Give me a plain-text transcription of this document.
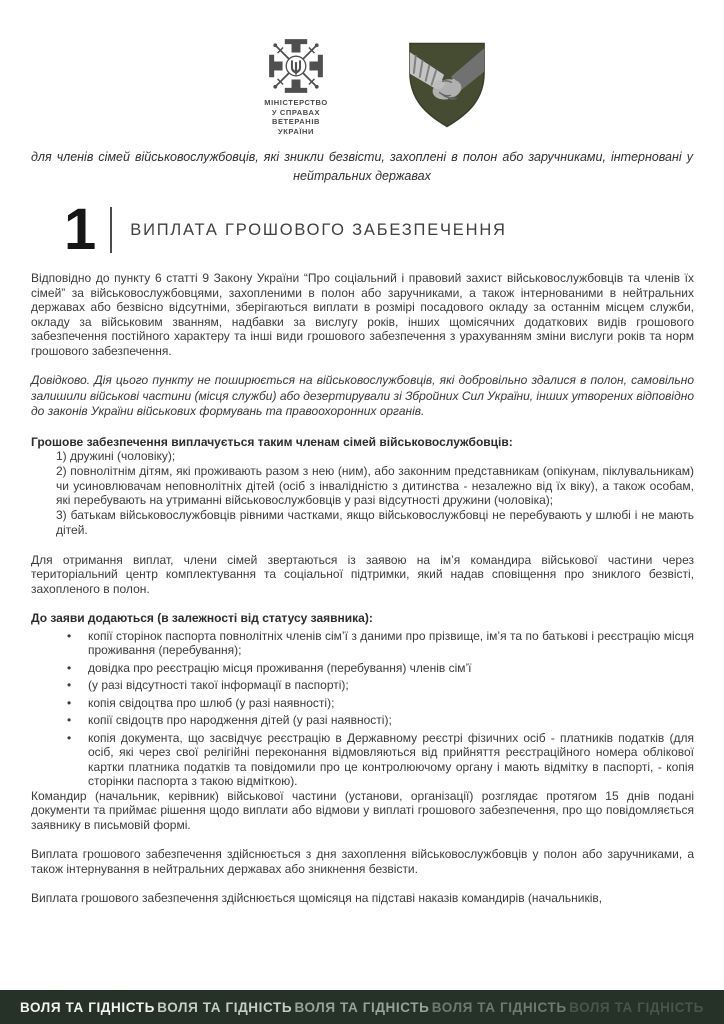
МІНІСТЕРСТВО
У СПРАВАХ
ВЕТЕРАНІВ
УКРАЇНИ

для членів сімей військовослужбовців, які зникли безвісти, захоплені в полон або заручниками, інтерновані у нейтральних державах

1 ВИПЛАТА ГРОШОВОГО ЗАБЕЗПЕЧЕННЯ

Відповідно до пункту 6 статті 9 Закону України “Про соціальний і правовий захист військовослужбовців та членів їх сімей” за військовослужбовцями, захопленими в полон або заручниками, а також інтернованими в нейтральних державах або безвісно відсутніми, зберігаються виплати в розмірі посадового окладу за останнім місцем служби, окладу за військовим званням, надбавки за вислугу років, інших щомісячних додаткових видів грошового забезпечення постійного характеру та інші види грошового забезпечення з урахуванням зміни вислуги років та норм грошового забезпечення.

Довідково. Дія цього пункту не поширюється на військовослужбовців, які добровільно здалися в полон, самовільно залишили військові частини (місця служби) або дезертирували зі Збройних Сил України, інших утворених відповідно до законів України військових формувань та правоохоронних органів.

Грошове забезпечення виплачується таким членам сімей військовослужбовців:

1) дружині (чоловіку);
2) повнолітнім дітям, які проживають разом з нею (ним), або законним представникам (опікунам, піклувальникам) чи усиновлювачам неповнолітніх дітей (осіб з інвалідністю з дитинства - незалежно від їх віку), а також особам, які перебувають на утриманні військовослужбовців у разі відсутності дружини (чоловіка);
3) батькам військовослужбовців рівними частками, якщо військовослужбовці не перебувають у шлюбі і не мають дітей.

Для отримання виплат, члени сімей звертаються із заявою на ім’я командира військової частини через територіальний центр комплектування та соціальної підтримки, який надав сповіщення про зниклого безвісті, захопленого в полон.

До заяви додаються (в залежності від статусу заявника):

• копії сторінок паспорта повнолітніх членів сім’ї з даними про прізвище, ім’я та по батькові і реєстрацію місця проживання (перебування);
• довідка про реєстрацію місця проживання (перебування) членів сім’ї
• (у разі відсутності такої інформації в паспорті);
• копія свідоцтва про шлюб (у разі наявності);
• копії свідоцтв про народження дітей (у разі наявності);
• копія документа, що засвідчує реєстрацію в Державному реєстрі фізичних осіб - платників податків (для осіб, які через свої релігійні переконання відмовляються від прийняття реєстраційного номера облікової картки платника податків та повідомили про це контролюючому органу і мають відмітку в паспорті, - копія сторінки паспорта з такою відміткою).

Командир (начальник, керівник) військової частини (установи, організації) розглядає протягом 15 днів подані документи та приймає рішення щодо виплати або відмови у виплаті грошового забезпечення, про що повідомляється заявнику в письмовій формі.

Виплата грошового забезпечення здійснюється з дня захоплення військовослужбовців у полон або заручниками, а також інтернування в нейтральних державах або зникнення безвісти.

Виплата грошового забезпечення здійснюється щомісяця на підставі наказів командирів (начальників,

ВОЛЯ ТА ГІДНІСТЬ ВОЛЯ ТА ГІДНІСТЬ ВОЛЯ ТА ГІДНІСТЬ ВОЛЯ ТА ГІДНІСТЬ ВОЛЯ ТА ГІДНІСТЬ
